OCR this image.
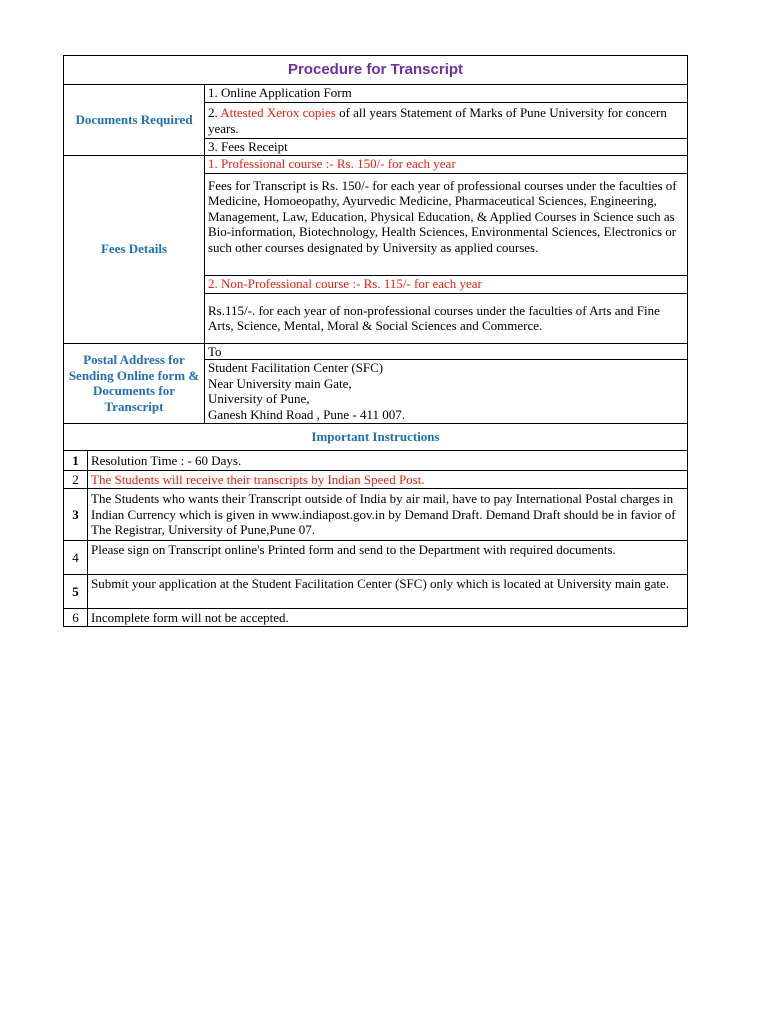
Procedure for Transcript	
Documents Required	1. Online Application Form
	2. Attested Xerox copies of all years Statement of Marks of Pune University for concern years.
	3. Fees Receipt
Fees Details	1. Professional course :- Rs. 150/- for each year
	Fees for Transcript is Rs. 150/- for each year of professional courses under the faculties of Medicine, Homoeopathy, Ayurvedic Medicine, Pharmaceutical Sciences, Engineering, Management, Law, Education, Physical Education, & Applied Courses in Science such as Bio-information, Biotechnology, Health Sciences, Environmental Sciences, Electronics or such other courses designated by University as applied courses.
	2. Non-Professional course :- Rs. 115/- for each year
	Rs.115/-. for each year of non-professional courses under the faculties of Arts and Fine Arts, Science, Mental, Moral & Social Sciences and Commerce.
Postal Address for Sending Online form & Documents for Transcript	To

	Student Facilitation Center (SFC)
Near University main Gate,
University of Pune,
Ganesh Khind Road , Pune - 411 007.

Important Instructions	
1	Resolution Time : - 60 Days.
2	The Students will receive their transcripts by Indian Speed Post.
3	The Students who wants their Transcript outside of India by air mail, have to pay International Postal charges in Indian Currency which is given in www.indiapost.gov.in by Demand Draft. Demand Draft should be in favior of The Registrar, University of Pune,Pune 07.
4	Please sign on Transcript online's Printed form and send to the Department with required documents.
5	Submit your application at the Student Facilitation Center (SFC) only which is located at University main gate.
6	Incomplete form will not be accepted.
